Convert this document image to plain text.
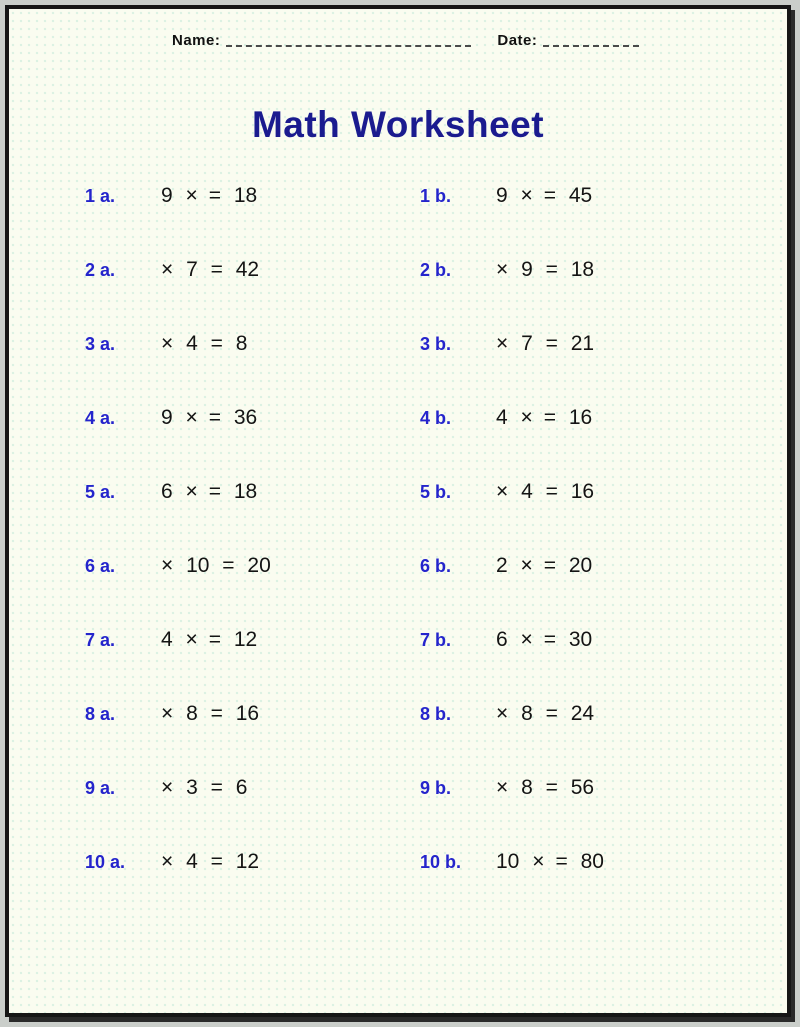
Name:	Date:
Math Worksheet
1 a.	9 × = 18	1 b.	9 × = 45
2 a.	× 7 = 42	2 b.	× 9 = 18
3 a.	× 4 = 8	3 b.	× 7 = 21
4 a.	9 × = 36	4 b.	4 × = 16
5 a.	6 × = 18	5 b.	× 4 = 16
6 a.	× 10 = 20	6 b.	2 × = 20
7 a.	4 × = 12	7 b.	6 × = 30
8 a.	× 8 = 16	8 b.	× 8 = 24
9 a.	× 3 = 6	9 b.	× 8 = 56
10 a.	× 4 = 12	10 b.	10 × = 80
